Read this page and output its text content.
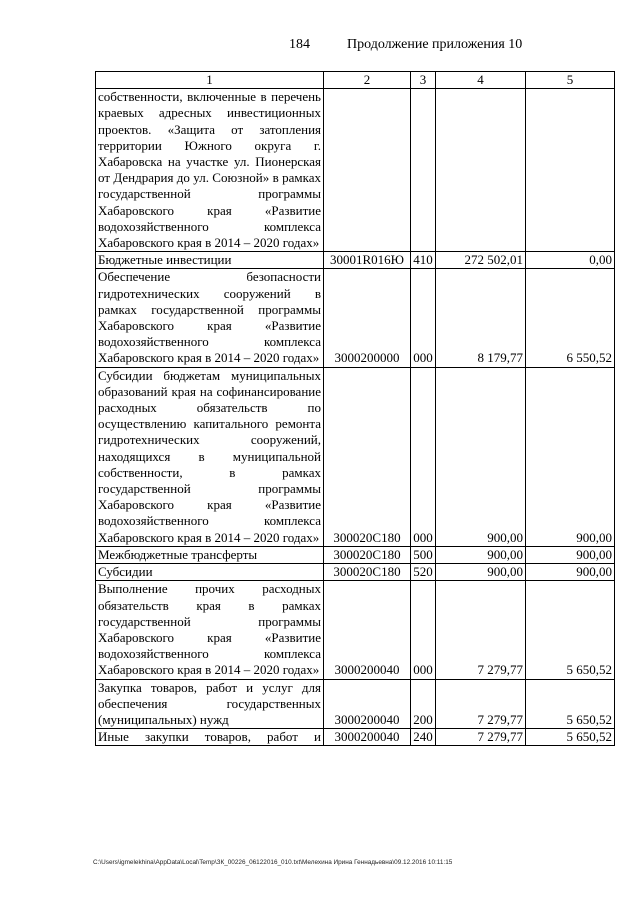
184	Продолжение приложения 10
1	2	3	4	5
собственности, включенные в перечень краевых адресных инвестиционных проектов. «Защита от затопления территории Южного округа г. Хабаровска на участке ул. Пионерская от Дендрария до ул. Союзной» в рамках государственной программы Хабаровского края «Развитие водохозяйственного комплекса Хабаровского края в 2014 – 2020 годах»				
Бюджетные инвестиции	30001R016Ю	410	272 502,01	0,00
Обеспечение безопасности гидротехнических сооружений в рамках государственной программы Хабаровского края «Развитие водохозяйственного комплекса Хабаровского края в 2014 – 2020 годах»	3000200000	000	8 179,77	6 550,52
Субсидии бюджетам муниципальных образований края на софинансирование расходных обязательств по осуществлению капитального ремонта гидротехнических сооружений, находящихся в муниципальной собственности, в рамках государственной программы Хабаровского края «Развитие водохозяйственного комплекса Хабаровского края в 2014 – 2020 годах»	300020С180	000	900,00	900,00
Межбюджетные трансферты	300020С180	500	900,00	900,00
Субсидии	300020С180	520	900,00	900,00
Выполнение прочих расходных обязательств края в рамках государственной программы Хабаровского края «Развитие водохозяйственного комплекса Хабаровского края в 2014 – 2020 годах»	3000200040	000	7 279,77	5 650,52
Закупка товаров, работ и услуг для обеспечения государственных (муниципальных) нужд	3000200040	200	7 279,77	5 650,52
Иные закупки товаров, работ и	3000200040	240	7 279,77	5 650,52
C:\Users\igmelekhina\AppData\Local\Temp\ЗК_00226_06122016_010.txt\Мелехина Ирина Геннадьевна\09.12.2016 10:11:15
